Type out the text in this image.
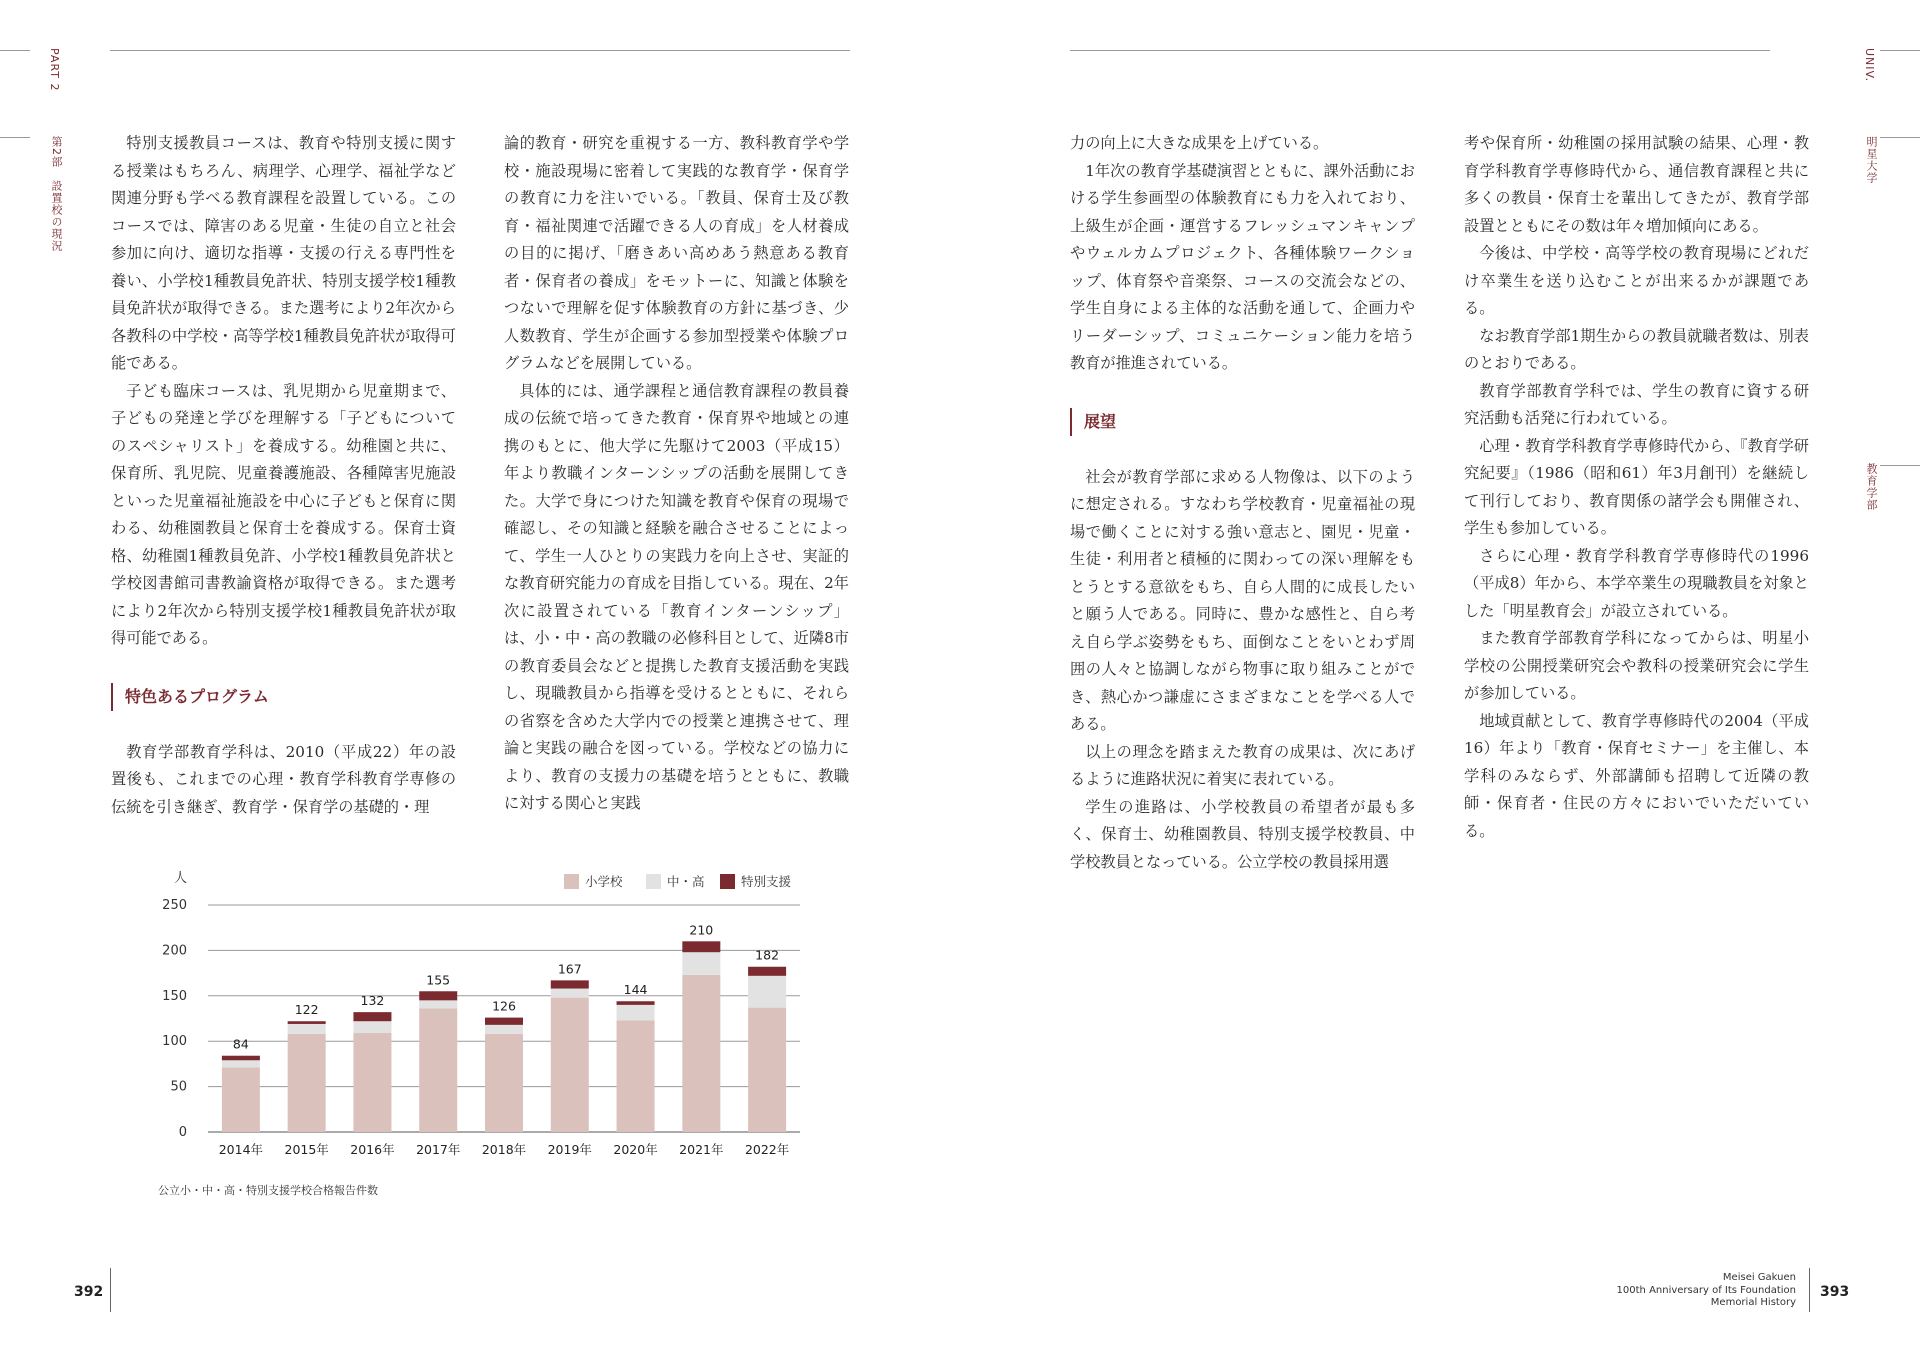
PART 2
第2部　設置校の現況	特別支援教員コースは、教育や特別支援に関する授業はもちろん、病理学、心理学、福祉学など関連分野も学べる教育課程を設置している。このコースでは、障害のある児童・生徒の自立と社会参加に向け、適切な指導・支援の行える専門性を養い、小学校1種教員免許状、特別支援学校1種教員免許状が取得できる。また選考により2年次から各教科の中学校・高等学校1種教員免許状が取得可能である。

子ども臨床コースは、乳児期から児童期まで、子どもの発達と学びを理解する「子どもについてのスペシャリスト」を養成する。幼稚園と共に、保育所、乳児院、児童養護施設、各種障害児施設といった児童福祉施設を中心に子どもと保育に関わる、幼稚園教員と保育士を養成する。保育士資格、幼稚園1種教員免許、小学校1種教員免許状と学校図書館司書教諭資格が取得できる。また選考により2年次から特別支援学校1種教員免許状が取得可能である。

特色あるプログラム

教育学部教育学科は、2010（平成22）年の設置後も、これまでの心理・教育学科教育学専修の伝統を引き継ぎ、教育学・保育学の基礎的・理

論的教育・研究を重視する一方、教科教育学や学校・施設現場に密着して実践的な教育学・保育学の教育に力を注いでいる。「教員、保育士及び教育・福祉関連で活躍できる人の育成」を人材養成の目的に掲げ、「磨きあい高めあう熱意ある教育者・保育者の養成」をモットーに、知識と体験をつないで理解を促す体験教育の方針に基づき、少人数教育、学生が企画する参加型授業や体験プログラムなどを展開している。

具体的には、通学課程と通信教育課程の教員養成の伝統で培ってきた教育・保育界や地域との連携のもとに、他大学に先駆けて2003（平成15）年より教職インターンシップの活動を展開してきた。大学で身につけた知識を教育や保育の現場で確認し、その知識と経験を融合させることによって、学生一人ひとりの実践力を向上させ、実証的な教育研究能力の育成を目指している。現在、2年次に設置されている「教育インターンシップ」は、小・中・高の教職の必修科目として、近隣8市の教育委員会などと提携した教育支援活動を実践し、現職教員から指導を受けるとともに、それらの省察を含めた大学内での授業と連携させて、理論と実践の融合を図っている。学校などの協力により、教育の支援力の基礎を培うとともに、教職に対する関心と実践

人
0
50
100
150
200
250
84
2014年
122
2015年
132
2016年
155
2017年
126
2018年
167
2019年
144
2020年
210
2021年
182
2022年
小学校	中・高	特別支援
公立小・中・高・特別支援学校合格報告件数
392
UNIV.
明星大学
教育学部

力の向上に大きな成果を上げている。

1年次の教育学基礎演習とともに、課外活動における学生参画型の体験教育にも力を入れており、上級生が企画・運営するフレッシュマンキャンプやウェルカムプロジェクト、各種体験ワークショップ、体育祭や音楽祭、コースの交流会などの、学生自身による主体的な活動を通して、企画力やリーダーシップ、コミュニケーション能力を培う教育が推進されている。

展望

社会が教育学部に求める人物像は、以下のように想定される。すなわち学校教育・児童福祉の現場で働くことに対する強い意志と、園児・児童・生徒・利用者と積極的に関わっての深い理解をもとうとする意欲をもち、自ら人間的に成長したいと願う人である。同時に、豊かな感性と、自ら考え自ら学ぶ姿勢をもち、面倒なことをいとわず周囲の人々と協調しながら物事に取り組みことができ、熱心かつ謙虚にさまざまなことを学べる人である。

以上の理念を踏まえた教育の成果は、次にあげるように進路状況に着実に表れている。

学生の進路は、小学校教員の希望者が最も多く、保育士、幼稚園教員、特別支援学校教員、中学校教員となっている。公立学校の教員採用選

考や保育所・幼稚園の採用試験の結果、心理・教育学科教育学専修時代から、通信教育課程と共に多くの教員・保育士を輩出してきたが、教育学部設置とともにその数は年々増加傾向にある。

今後は、中学校・高等学校の教育現場にどれだけ卒業生を送り込むことが出来るかが課題である。

なお教育学部1期生からの教員就職者数は、別表のとおりである。

教育学部教育学科では、学生の教育に資する研究活動も活発に行われている。

心理・教育学科教育学専修時代から、『教育学研究紀要』（1986（昭和61）年3月創刊）を継続して刊行しており、教育関係の諸学会も開催され、学生も参加している。

さらに心理・教育学科教育学専修時代の1996（平成8）年から、本学卒業生の現職教員を対象とした「明星教育会」が設立されている。

また教育学部教育学科になってからは、明星小学校の公開授業研究会や教科の授業研究会に学生が参加している。

地域貢献として、教育学専修時代の2004（平成16）年より「教育・保育セミナー」を主催し、本学科のみならず、外部講師も招聘して近隣の教師・保育者・住民の方々においでいただいている。

Meisei Gakuen
100th Anniversary of Its Foundation
Memorial History
393
